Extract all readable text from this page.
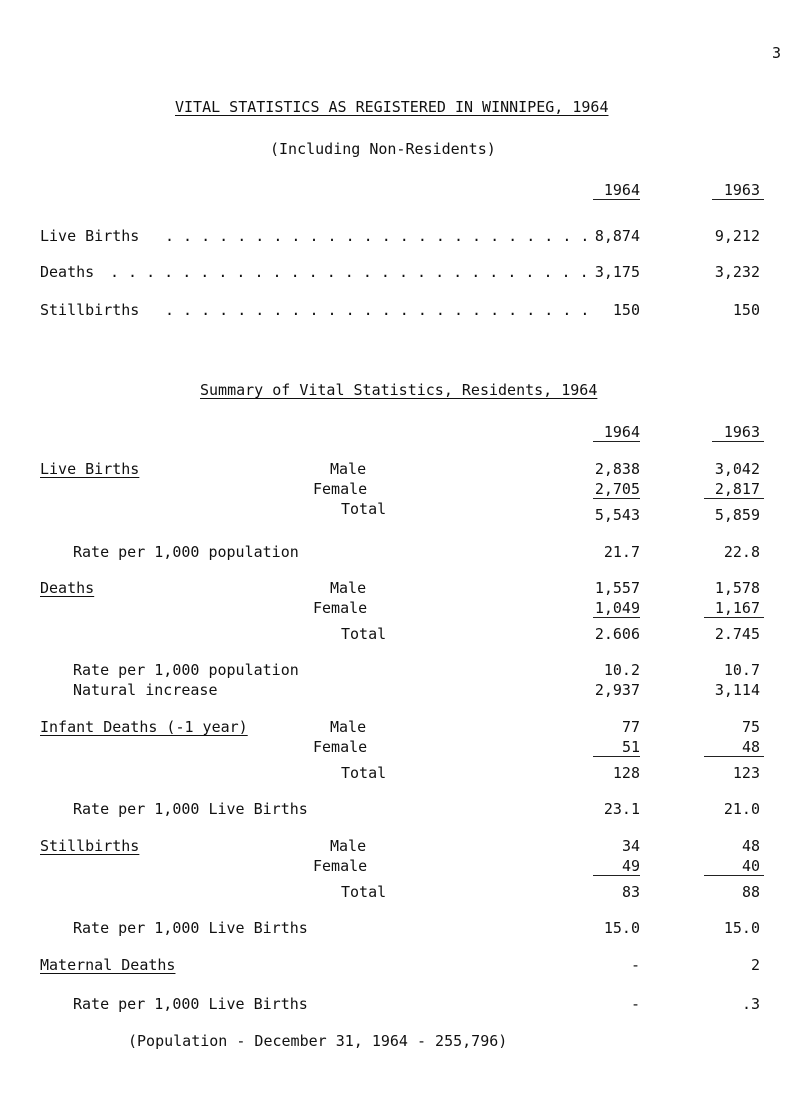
3
VITAL STATISTICS AS REGISTERED IN WINNIPEG, 1964
(Including Non-Residents)
1964	1963
Live Births . . . . . . . . . . . . . . . . . . . . . . . . 8,874	9,212
Deaths . . . . . . . . . . . . . . . . . . . . . . . . . . . 3,175	3,232
Stillbirths . . . . . . . . . . . . . . . . . . . . . . . .	150	150
Summary of Vital Statistics, Residents, 1964
1964	1963
Live Births	Male	2,838	3,042
Female	2,705	2,817
Total	5,543	5,859
Rate per 1,000 population	21.7	22.8
Deaths	Male	1,557	1,578
Female	1,049	1,167
Total	2.606	2.745
Rate per 1,000 population	10.2	10.7
Natural increase	2,937	3,114
Infant Deaths (-1 year)	Male	77	75
Female	51	48
Total	128	123
Rate per 1,000 Live Births	23.1	21.0
Stillbirths	Male	34	48
Female	49	40
Total	83	88
Rate per 1,000 Live Births	15.0	15.0
Maternal Deaths	-	2
Rate per 1,000 Live Births	-	.3
(Population - December 31, 1964 - 255,796)
